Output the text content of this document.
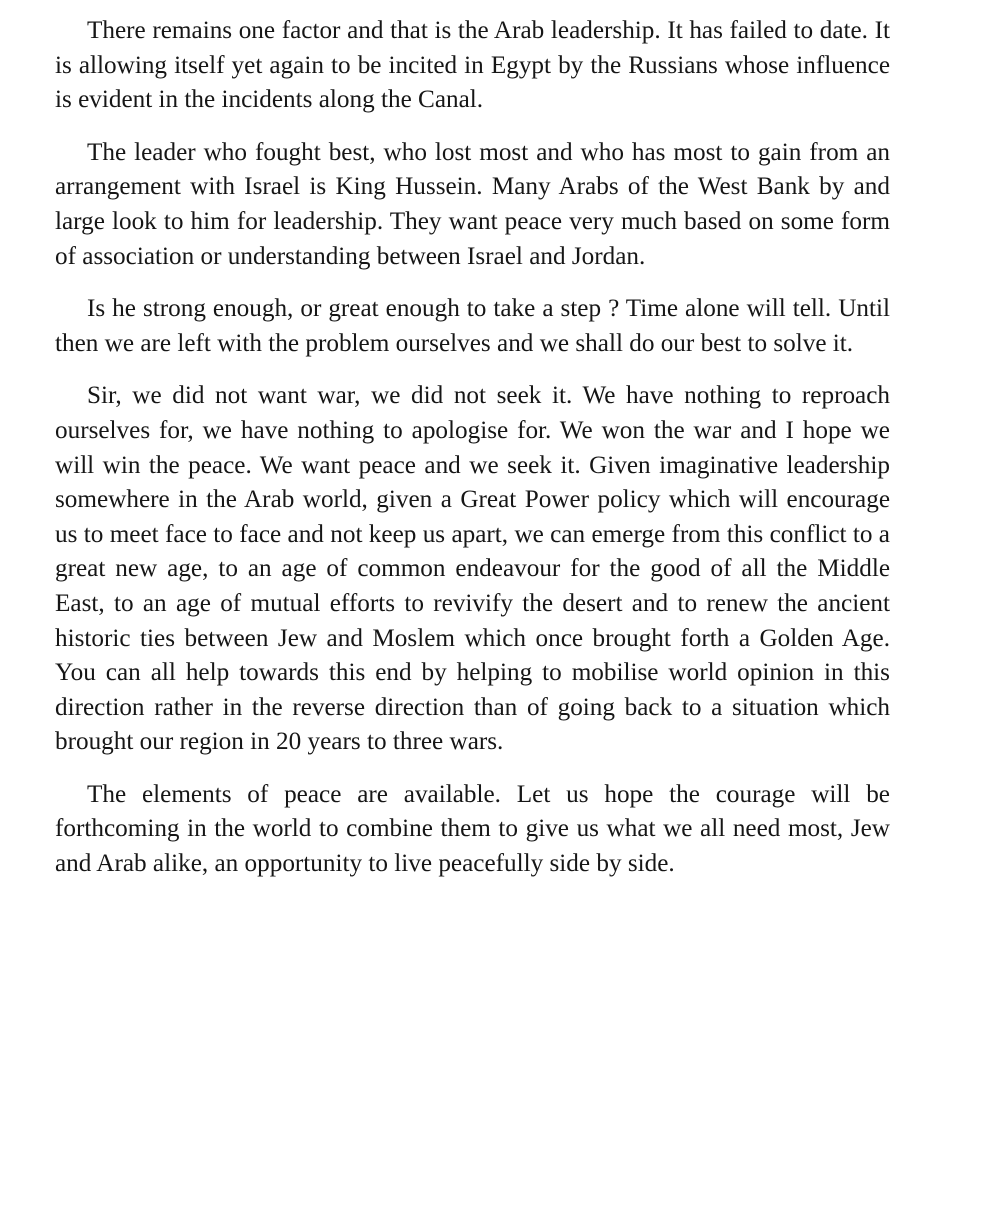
There remains one factor and that is the Arab leadership. It has failed to date. It is allowing itself yet again to be incited in Egypt by the Russians whose influence is evident in the incidents along the Canal.

The leader who fought best, who lost most and who has most to gain from an arrangement with Israel is King Hussein. Many Arabs of the West Bank by and large look to him for leadership. They want peace very much based on some form of association or understanding between Israel and Jordan.

Is he strong enough, or great enough to take a step ? Time alone will tell. Until then we are left with the problem ourselves and we shall do our best to solve it.

Sir, we did not want war, we did not seek it. We have nothing to reproach ourselves for, we have nothing to apologise for. We won the war and I hope we will win the peace. We want peace and we seek it. Given imaginative leadership somewhere in the Arab world, given a Great Power policy which will encourage us to meet face to face and not keep us apart, we can emerge from this conflict to a great new age, to an age of common endeavour for the good of all the Middle East, to an age of mutual efforts to revivify the desert and to renew the ancient historic ties between Jew and Moslem which once brought forth a Golden Age. You can all help towards this end by helping to mobilise world opinion in this direction rather in the reverse direction than of going back to a situation which brought our region in 20 years to three wars.

The elements of peace are available. Let us hope the courage will be forthcoming in the world to combine them to give us what we all need most, Jew and Arab alike, an opportunity to live peacefully side by side.
